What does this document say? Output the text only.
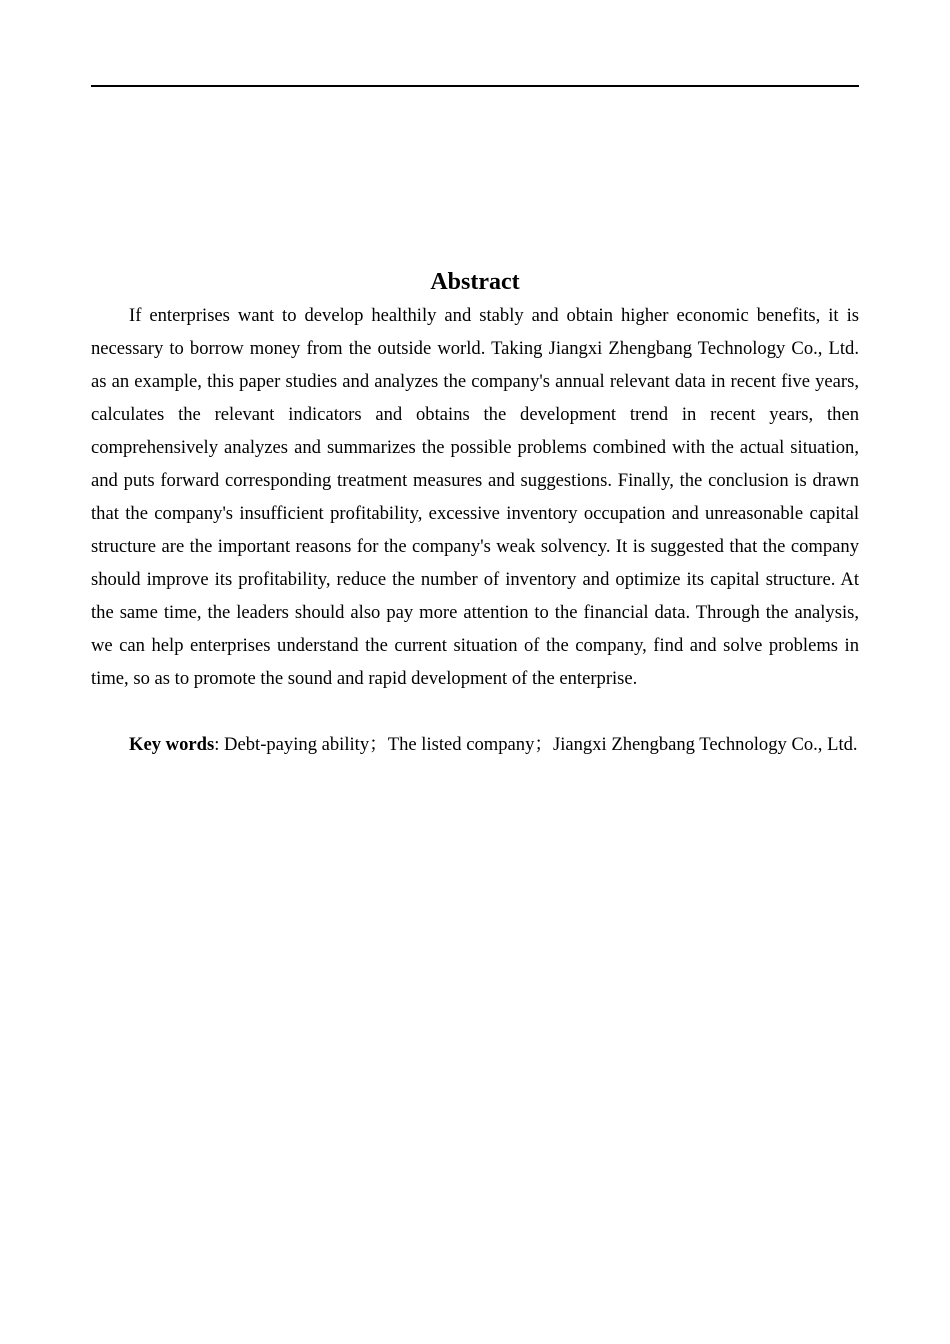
Abstract

If enterprises want to develop healthily and stably and obtain higher economic benefits, it is necessary to borrow money from the outside world. Taking Jiangxi Zhengbang Technology Co., Ltd. as an example, this paper studies and analyzes the company's annual relevant data in recent five years, calculates the relevant indicators and obtains the development trend in recent years, then comprehensively analyzes and summarizes the possible problems combined with the actual situation, and puts forward corresponding treatment measures and suggestions. Finally, the conclusion is drawn that the company's insufficient profitability, excessive inventory occupation and unreasonable capital structure are the important reasons for the company's weak solvency. It is suggested that the company should improve its profitability, reduce the number of inventory and optimize its capital structure. At the same time, the leaders should also pay more attention to the financial data. Through the analysis, we can help enterprises understand the current situation of the company, find and solve problems in time, so as to promote the sound and rapid development of the enterprise.

Key words: Debt-paying ability；The listed company；Jiangxi Zhengbang Technology Co., Ltd.
